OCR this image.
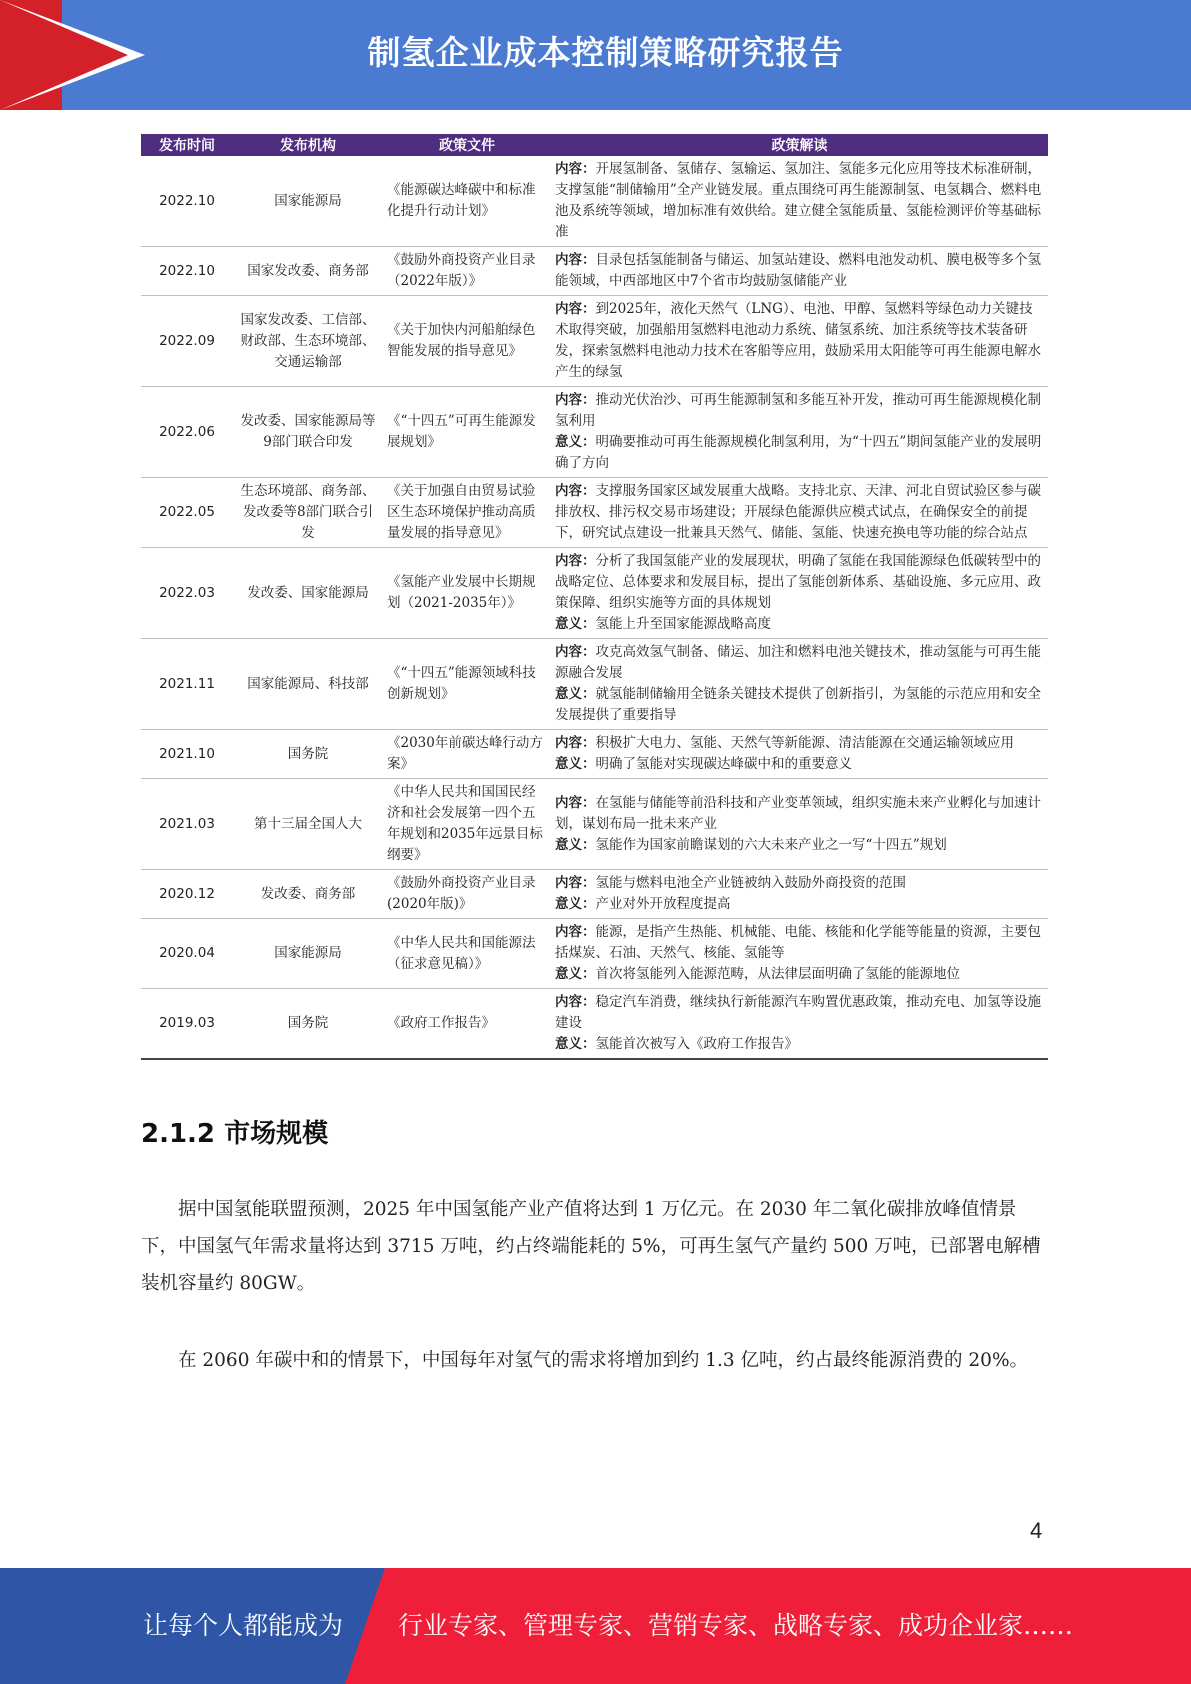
制氢企业成本控制策略研究报告
发布时间	发布机构	政策文件	政策解读
2022.10	国家能源局	《能源碳达峰碳中和标准化提升行动计划》	内容：开展氢制备、氢储存、氢输运、氢加注、氢能多元化应用等技术标准研制，支撑氢能“制储输用”全产业链发展。重点围绕可再生能源制氢、电氢耦合、燃料电池及系统等领域，增加标准有效供给。建立健全氢能质量、氢能检测评价等基础标准

2022.10	国家发改委、商务部	《鼓励外商投资产业目录（2022年版）》	内容：目录包括氢能制备与储运、加氢站建设、燃料电池发动机、膜电极等多个氢能领域，中西部地区中7个省市均鼓励氢储能产业

2022.09	国家发改委、工信部、财政部、生态环境部、交通运输部	《关于加快内河船舶绿色智能发展的指导意见》	内容：到2025年，液化天然气（LNG）、电池、甲醇、氢燃料等绿色动力关键技术取得突破，加强船用氢燃料电池动力系统、储氢系统、加注系统等技术装备研发，探索氢燃料电池动力技术在客船等应用，鼓励采用太阳能等可再生能源电解水产生的绿氢

2022.06	发改委、国家能源局等9部门联合印发	《“十四五”可再生能源发展规划》	内容：推动光伏治沙、可再生能源制氢和多能互补开发，推动可再生能源规模化制氢利用
意义：明确要推动可再生能源规模化制氢利用，为“十四五”期间氢能产业的发展明确了方向

2022.05	生态环境部、商务部、发改委等8部门联合引发	《关于加强自由贸易试验区生态环境保护推动高质量发展的指导意见》	内容：支撑服务国家区域发展重大战略。支持北京、天津、河北自贸试验区参与碳排放权、排污权交易市场建设；开展绿色能源供应模式试点，在确保安全的前提下，研究试点建设一批兼具天然气、储能、氢能、快速充换电等功能的综合站点

2022.03	发改委、国家能源局	《氢能产业发展中长期规划（2021-2035年）》	内容：分析了我国氢能产业的发展现状，明确了氢能在我国能源绿色低碳转型中的战略定位、总体要求和发展目标，提出了氢能创新体系、基础设施、多元应用、政策保障、组织实施等方面的具体规划
意义：氢能上升至国家能源战略高度

2021.11	国家能源局、科技部	《“十四五”能源领域科技创新规划》	内容：攻克高效氢气制备、储运、加注和燃料电池关键技术，推动氢能与可再生能源融合发展
意义：就氢能制储输用全链条关键技术提供了创新指引，为氢能的示范应用和安全发展提供了重要指导

2021.10	国务院	《2030年前碳达峰行动方案》	内容：积极扩大电力、氢能、天然气等新能源、清洁能源在交通运输领域应用
意义：明确了氢能对实现碳达峰碳中和的重要意义

2021.03	第十三届全国人大	《中华人民共和国国民经济和社会发展第一四个五年规划和2035年远景目标纲要》	内容：在氢能与储能等前沿科技和产业变革领域，组织实施未来产业孵化与加速计划，谋划布局一批未来产业
意义：氢能作为国家前瞻谋划的六大未来产业之一写“十四五”规划

2020.12	发改委、商务部	《鼓励外商投资产业目录(2020年版)》	内容：氢能与燃料电池全产业链被纳入鼓励外商投资的范围
意义：产业对外开放程度提高

2020.04	国家能源局	《中华人民共和国能源法（征求意见稿）》	内容：能源，是指产生热能、机械能、电能、核能和化学能等能量的资源，主要包括煤炭、石油、天然气、核能、氢能等
意义：首次将氢能列入能源范畴，从法律层面明确了氢能的能源地位

2019.03	国务院	《政府工作报告》	内容：稳定汽车消费，继续执行新能源汽车购置优惠政策，推动充电、加氢等设施建设
意义：氢能首次被写入《政府工作报告》
2.1.2 市场规模

据中国氢能联盟预测，2025 年中国氢能产业产值将达到 1 万亿元。在 2030 年二氧化碳排放峰值情景下，中国氢气年需求量将达到 3715 万吨，约占终端能耗的 5%，可再生氢气产量约 500 万吨，已部署电解槽装机容量约 80GW。

在 2060 年碳中和的情景下，中国每年对氢气的需求将增加到约 1.3 亿吨，约占最终能源消费的 20%。

4
让每个人都能成为 行业专家、管理专家、营销专家、战略专家、成功企业家……
